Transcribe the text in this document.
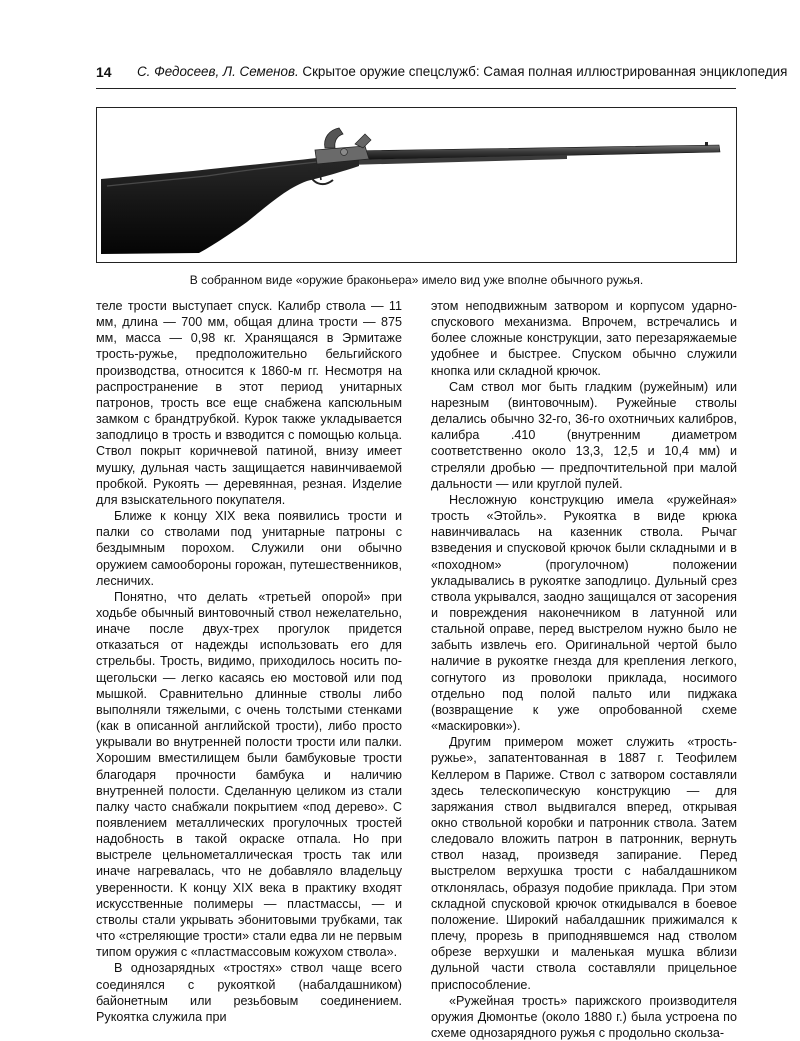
14 С. Федосеев, Л. Семенов. Скрытое оружие спецслужб: Самая полная иллюстрированная энциклопедия
В собранном виде «оружие браконьера» имело вид уже вполне обычного ружья.

теле трости выступает спуск. Калибр ствола — 11 мм, длина — 700 мм, общая длина трости — 875 мм, масса — 0,98 кг. Хранящаяся в Эрмитаже трость-ружье, предположительно бельгийского производства, относится к 1860-м гг. Несмотря на распространение в этот период унитарных патронов, трость все еще снабжена капсюльным замком с брандтрубкой. Курок также укладывается заподлицо в трость и взводится с помощью кольца. Ствол покрыт коричневой патиной, внизу имеет мушку, дульная часть защищается навинчиваемой пробкой. Рукоять — деревянная, резная. Изделие для взыскательного покупателя.

Ближе к концу XIX века появились трости и палки со стволами под унитарные патроны с бездымным порохом. Служили они обычно оружием самообороны горожан, путешественников, лесничих.

Понятно, что делать «третьей опорой» при ходьбе обычный винтовочный ствол нежелательно, иначе после двух-трех прогулок придется отказаться от надежды использовать его для стрельбы. Трость, видимо, приходилось носить по-щегольски — легко касаясь ею мостовой или под мышкой. Сравнительно длинные стволы либо выполняли тяжелыми, с очень толстыми стенками (как в описанной английской трости), либо просто укрывали во внутренней полости трости или палки. Хорошим вместилищем были бамбуковые трости благодаря прочности бамбука и наличию внутренней полости. Сделанную целиком из стали палку часто снабжали покрытием «под дерево». С появлением металлических прогулочных тростей надобность в такой окраске отпала. Но при выстреле цельнометаллическая трость так или иначе нагревалась, что не добавляло владельцу уверенности. К концу XIX века в практику входят искусственные полимеры — пластмассы, — и стволы стали укрывать эбонитовыми трубками, так что «стреляющие трости» стали едва ли не первым типом оружия с «пластмассовым кожухом ствола».

В однозарядных «тростях» ствол чаще всего соединялся с рукояткой (набалдашником) байонетным или резьбовым соединением. Рукоятка служила при

этом неподвижным затвором и корпусом ударно-спускового механизма. Впрочем, встречались и более сложные конструкции, зато перезаряжаемые удобнее и быстрее. Спуском обычно служили кнопка или складной крючок.

Сам ствол мог быть гладким (ружейным) или нарезным (винтовочным). Ружейные стволы делались обычно 32-го, 36-го охотничьих калибров, калибра .410 (внутренним диаметром соответственно около 13,3, 12,5 и 10,4 мм) и стреляли дробью — предпочтительной при малой дальности — или круглой пулей.

Несложную конструкцию имела «ружейная» трость «Этойль». Рукоятка в виде крюка навинчивалась на казенник ствола. Рычаг взведения и спусковой крючок были складными и в «походном» (прогулочном) положении укладывались в рукоятке заподлицо. Дульный срез ствола укрывался, заодно защищался от засорения и повреждения наконечником в латунной или стальной оправе, перед выстрелом нужно было не забыть извлечь его. Оригинальной чертой было наличие в рукоятке гнезда для крепления легкого, согнутого из проволоки приклада, носимого отдельно под полой пальто или пиджака (возвращение к уже опробованной схеме «маскировки»).

Другим примером может служить «трость-ружье», запатентованная в 1887 г. Теофилем Келлером в Париже. Ствол с затвором составляли здесь телескопическую конструкцию — для заряжания ствол выдвигался вперед, открывая окно ствольной коробки и патронник ствола. Затем следовало вложить патрон в патронник, вернуть ствол назад, произведя запирание. Перед выстрелом верхушка трости с набалдашником отклонялась, образуя подобие приклада. При этом складной спусковой крючок откидывался в боевое положение. Широкий набалдашник прижимался к плечу, прорезь в приподнявшемся над стволом обрезе верхушки и маленькая мушка вблизи дульной части ствола составляли прицельное приспособление.

«Ружейная трость» парижского производителя оружия Дюмонтье (около 1880 г.) была устроена по схеме однозарядного ружья с продольно скольза-
